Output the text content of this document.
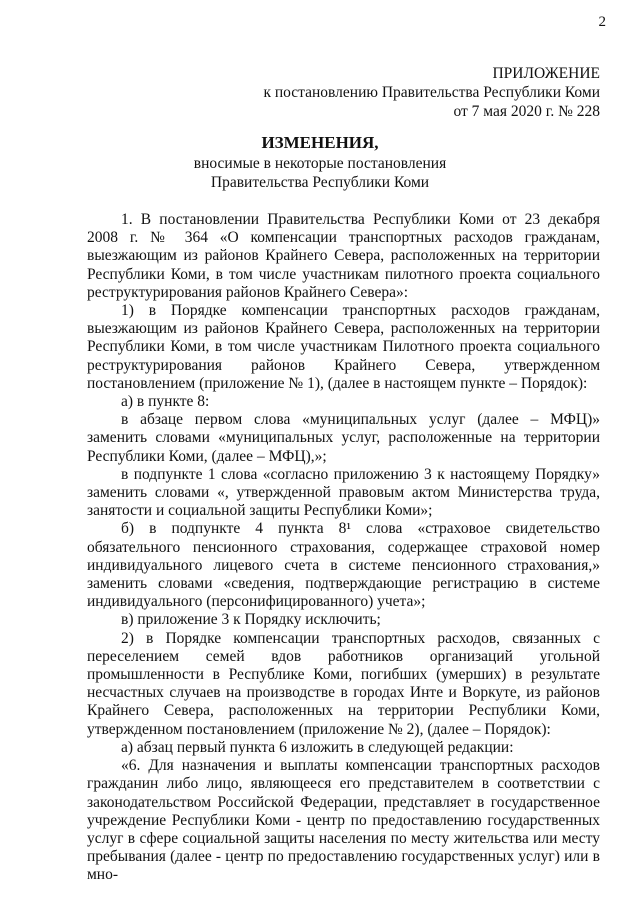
2
ПРИЛОЖЕНИЕ
к постановлению Правительства Республики Коми
от 7 мая 2020 г. № 228
ИЗМЕНЕНИЯ,
вносимые в некоторые постановления
Правительства Республики Коми

1. В постановлении Правительства Республики Коми от 23 декабря 2008 г. № 364 «О компенсации транспортных расходов гражданам, выезжающим из районов Крайнего Севера, расположенных на территории Республики Коми, в том числе участникам пилотного проекта социального реструктурирования районов Крайнего Севера»:

1) в Порядке компенсации транспортных расходов гражданам, выезжающим из районов Крайнего Севера, расположенных на территории Республики Коми, в том числе участникам Пилотного проекта социального реструктурирования районов Крайнего Севера, утвержденном постановлением (приложение № 1), (далее в настоящем пункте – Порядок):

а) в пункте 8:

в абзаце первом слова «муниципальных услуг (далее – МФЦ)» заменить словами «муниципальных услуг, расположенные на территории Республики Коми, (далее – МФЦ),»;

в подпункте 1 слова «согласно приложению 3 к настоящему Порядку» заменить словами «, утвержденной правовым актом Министерства труда, занятости и социальной защиты Республики Коми»;

б) в подпункте 4 пункта 8¹ слова «страховое свидетельство обязательного пенсионного страхования, содержащее страховой номер индивидуального лицевого счета в системе пенсионного страхования,» заменить словами «сведения, подтверждающие регистрацию в системе индивидуального (персонифицированного) учета»;

в) приложение 3 к Порядку исключить;

2) в Порядке компенсации транспортных расходов, связанных с переселением семей вдов работников организаций угольной промышленности в Республике Коми, погибших (умерших) в результате несчастных случаев на производстве в городах Инте и Воркуте, из районов Крайнего Севера, расположенных на территории Республики Коми, утвержденном постановлением (приложение № 2), (далее – Порядок):

а) абзац первый пункта 6 изложить в следующей редакции:

«6. Для назначения и выплаты компенсации транспортных расходов гражданин либо лицо, являющееся его представителем в соответствии с законодательством Российской Федерации, представляет в государственное учреждение Республики Коми - центр по предоставлению государственных услуг в сфере социальной защиты населения по месту жительства или месту пребывания (далее - центр по предоставлению государственных услуг) или в мно-
